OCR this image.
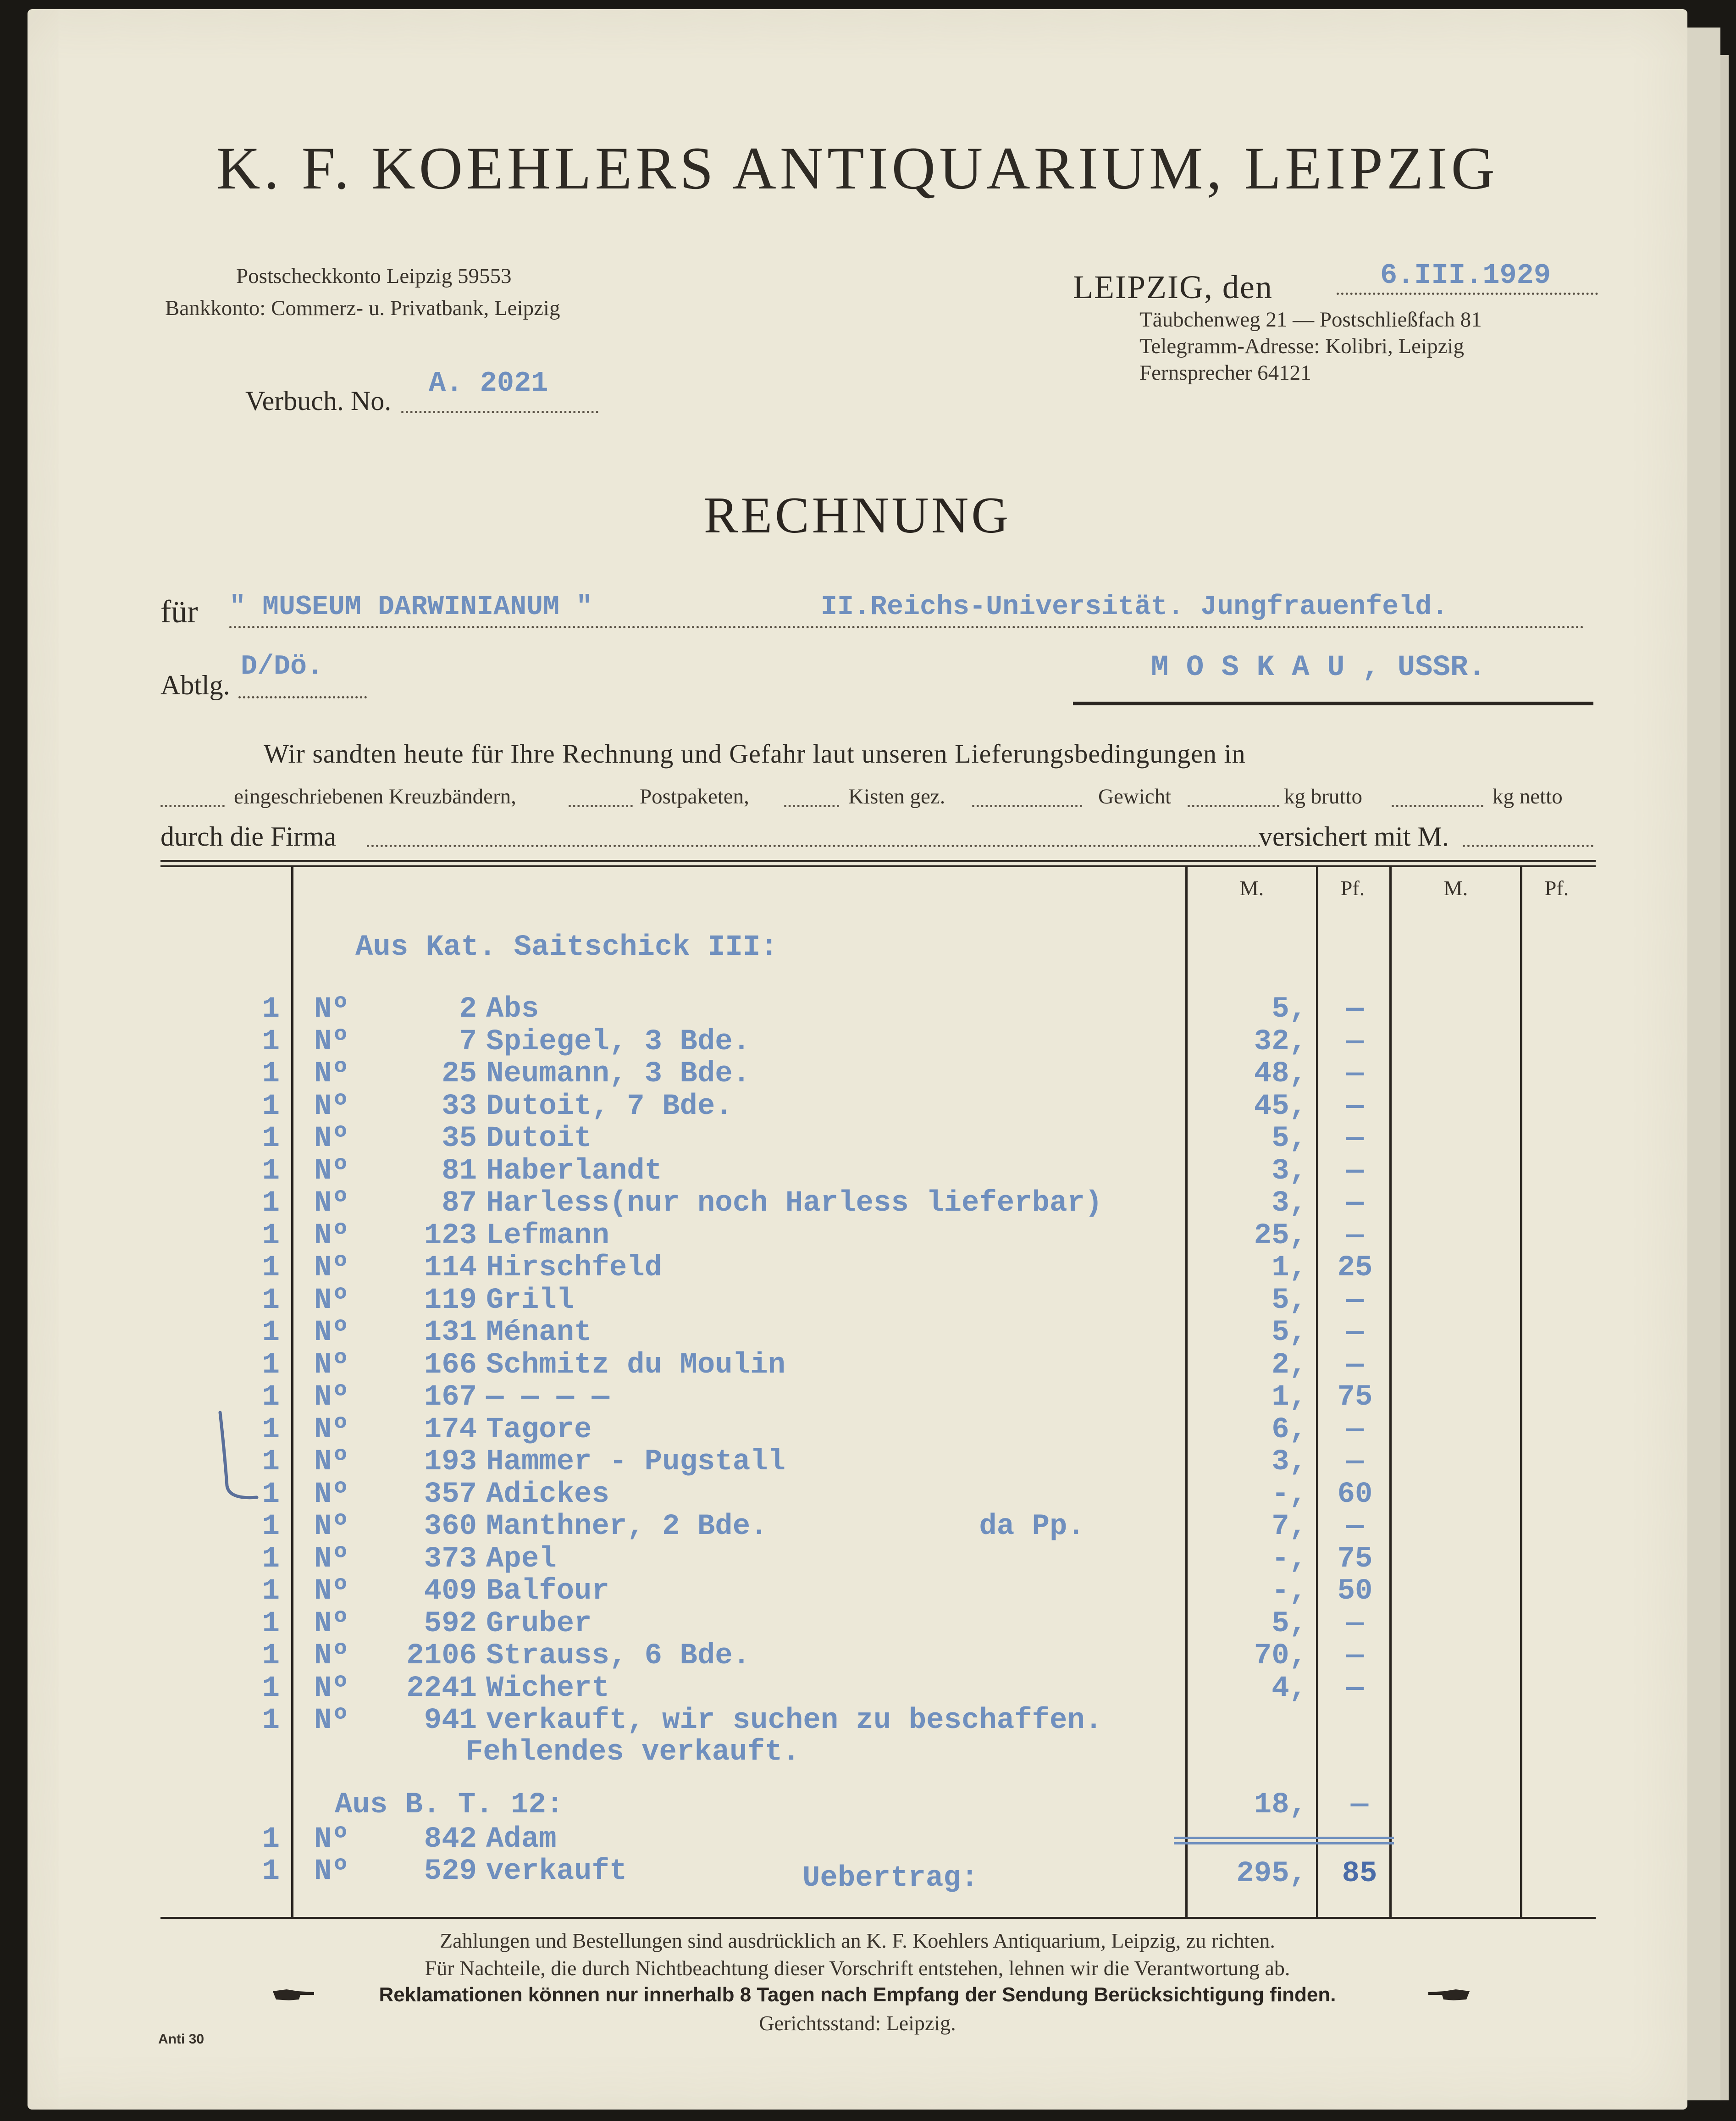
K. F. KOEHLERS ANTIQUARIUM, LEIPZIG
Postscheckkonto Leipzig 59553
Bankkonto: Commerz- u. Privatbank, Leipzig
LEIPZIG, den	6.III.1929
Täubchenweg 21 — Postschließfach 81
Telegramm-Adresse: Kolibri, Leipzig
Fernsprecher 64121
Verbuch. No.
A. 2021
RECHNUNG
für " MUSEUM DARWINIANUM "	II.Reichs-Universität. Jungfrauenfeld.
Abtlg.
D/Dö.	M O S K A U , USSR.
Wir sandten heute für Ihre Rechnung und Gefahr laut unseren Lieferungsbedingungen in
eingeschriebenen Kreuzbändern,	Postpaketen,	Kisten gez.	Gewicht	kg brutto	kg netto
durch die Firma	versichert mit M.
M.	Pf.	M.	Pf.
Aus Kat. Saitschick III:
1 Nº	2 Abs	5,	—
1 Nº	7 Spiegel, 3 Bde.	32,	—
1 Nº	25 Neumann, 3 Bde.	48,	—
1 Nº	33 Dutoit, 7 Bde.	45,	—
1 Nº	35 Dutoit	5,	—
1 Nº	81 Haberlandt	3,	—
1 Nº	87 Harless(nur noch Harless lieferbar)	3,	—
1 Nº	123 Lefmann	25,	—
1 Nº	114 Hirschfeld	1,	25
1 Nº	119 Grill	5,	—
1 Nº	131 Ménant	5,	—
1 Nº	166 Schmitz du Moulin	2,	—
1 Nº	167 — — — —	1,	75
1 Nº	174 Tagore	6,	—
1 Nº	193 Hammer - Pugstall	3,	—
1 Nº	357 Adickes	-,	60
1 Nº	360 Manthner, 2 Bde.            da Pp.	7,	—
1 Nº	373 Apel	-,	75
1 Nº	409 Balfour	-,	50
1 Nº	592 Gruber	5,	—
1 Nº	2106 Strauss, 6 Bde.	70,	—
1 Nº	2241 Wichert	4,	—
1 Nº	941 verkauft, wir suchen zu beschaffen.
Fehlendes verkauft.
Aus B. T. 12:	18,	—
1 Nº	842 Adam
1 Nº	529 verkauft	Uebertrag:	295, 85
Zahlungen und Bestellungen sind ausdrücklich an K. F. Koehlers Antiquarium, Leipzig, zu richten.
Für Nachteile, die durch Nichtbeachtung dieser Vorschrift entstehen, lehnen wir die Verantwortung ab.
Reklamationen können nur innerhalb 8 Tagen nach Empfang der Sendung Berücksichtigung finden.
Gerichtsstand: Leipzig.
Anti 30
